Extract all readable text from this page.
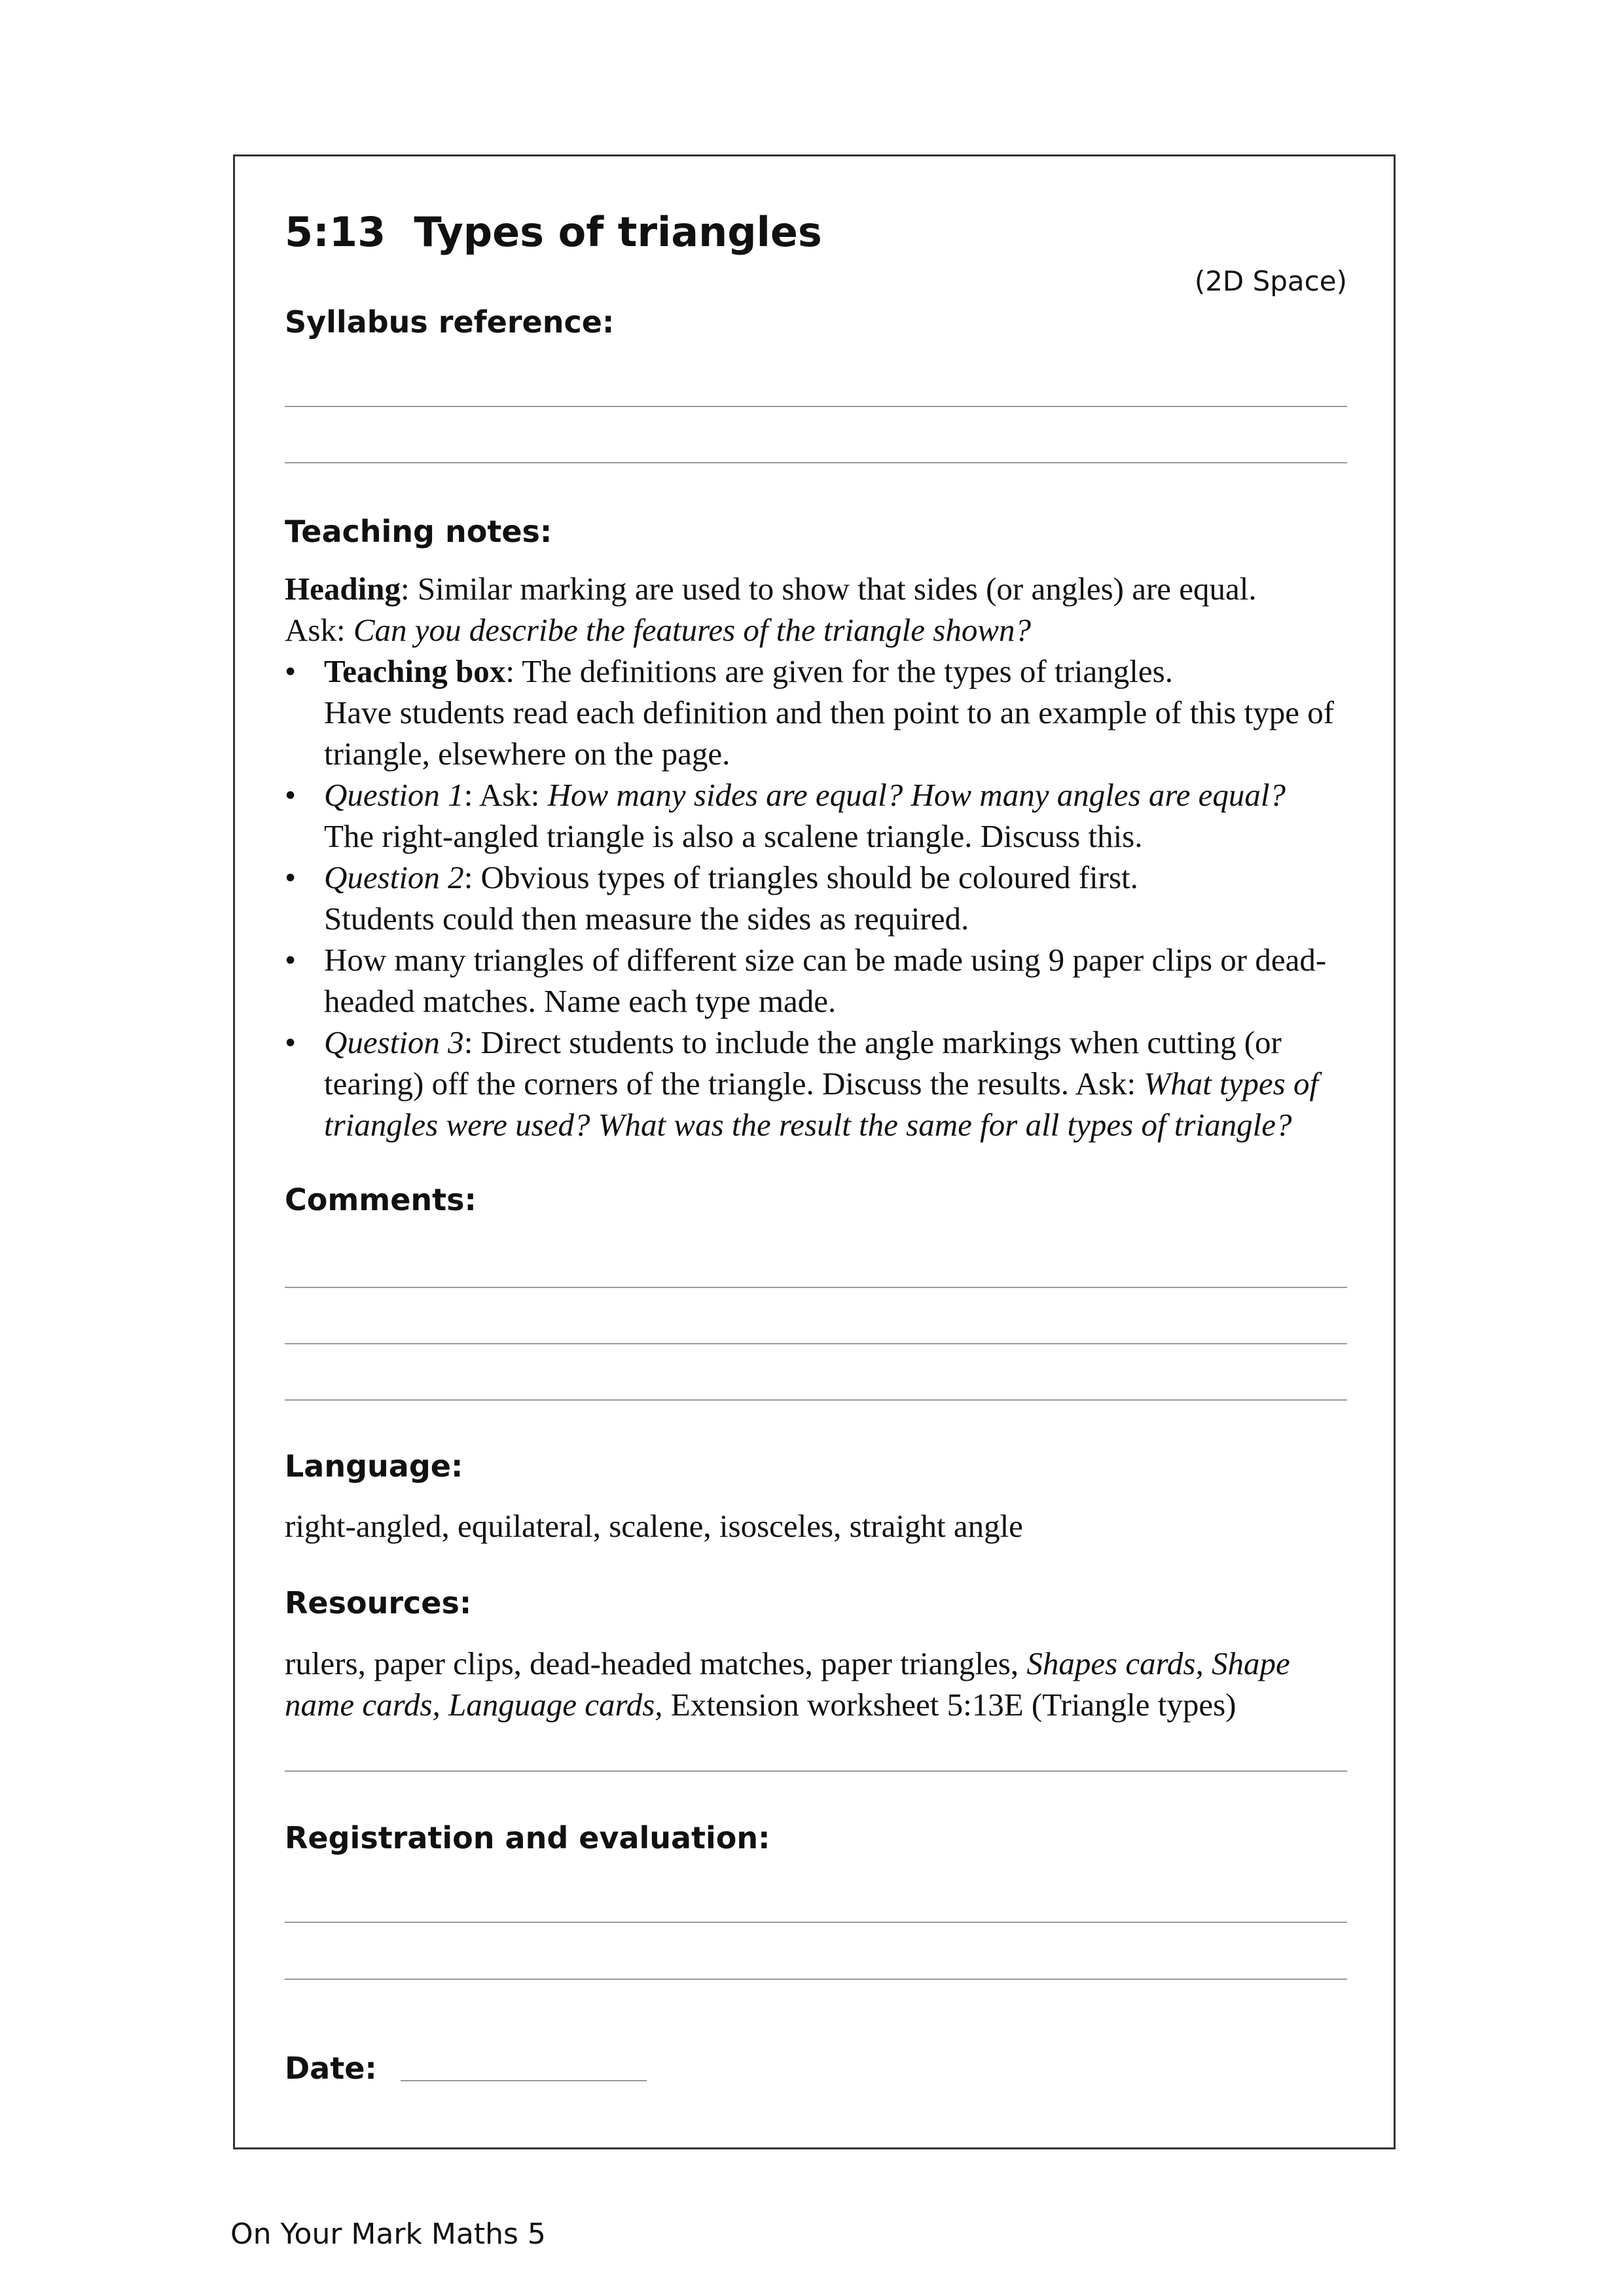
5:13  Types of triangles
(2D Space)
Syllabus reference:
Teaching notes:

Heading: Similar marking are used to show that sides (or angles) are equal.

Ask: Can you describe the features of the triangle shown?

• Teaching box: The definitions are given for the types of triangles.
Have students read each definition and then point to an example of this type of triangle, elsewhere on the page.
• Question 1: Ask: How many sides are equal? How many angles are equal?
The right-angled triangle is also a scalene triangle. Discuss this.
• Question 2: Obvious types of triangles should be coloured first.
Students could then measure the sides as required.
• How many triangles of different size can be made using 9 paper clips or dead-headed matches. Name each type made.
• Question 3: Direct students to include the angle markings when cutting (or tearing) off the corners of the triangle. Discuss the results. Ask: What types of triangles were used? What was the result the same for all types of triangle?
Comments:
Language:
right-angled, equilateral, scalene, isosceles, straight angle
Resources:
rulers, paper clips, dead-headed matches, paper triangles, Shapes cards, Shape name cards, Language cards, Extension worksheet 5:13E (Triangle types)
Registration and evaluation:
Date:
On Your Mark Maths 5
